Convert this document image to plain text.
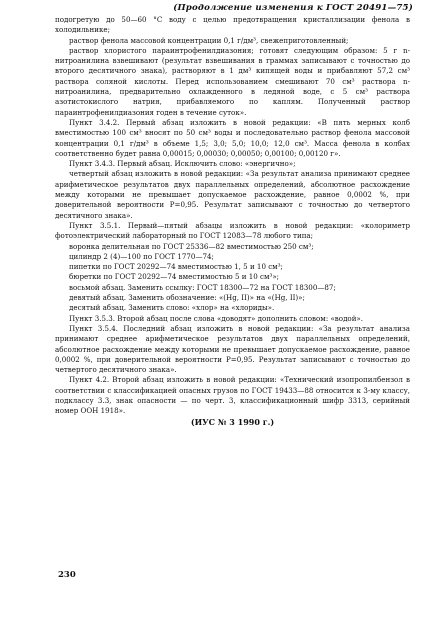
(Продолжение изменения к ГОСТ 20491—75)

подогретую до 50—60 °С воду с целью предотвращения кристаллизации фенола в холодильнике;

раствор фенола массовой концентрации 0,1 г/дм³, свежеприготовленный;

раствор хлористого параинтрофенилдиазония; готовят следующим образом: 5 г n-нитроанилина взвешивают (результат взвешивания в граммах записывают с точностью до второго десятичного знака), растворяют в 1 дм³ кипящей воды и прибавляют 57,2 см³ раствора соляной кислоты. Перед использованием смешивают 70 см³ раствора n-нитроанилина, предварительно охлажденного в ледяной воде, с 5 см³ раствора азотистокислого натрия, прибавляемого по каплям. Полученный раствор параинтрофенилдиазония годен в течение суток».

Пункт 3.4.2. Первый абзац изложить в новой редакции: «В пять мерных колб вместимостью 100 см³ вносят по 50 см³ воды и последовательно раствор фенола массовой концентрации 0,1 г/дм³ в объеме 1,5; 3,0; 5,0; 10,0; 12,0 см³. Масса фенола в колбах соответственно будет равна 0,00015; 0,00030; 0,00050; 0,00100; 0,00120 г».

Пункт 3.4.3. Первый абзац. Исключить слово: «энергично»;

четвертый абзац изложить в новой редакции: «За результат анализа принимают среднее арифметическое результатов двух параллельных определений, абсолютное расхождение между которыми не превышает допускаемое расхождение, равное 0,0002 %, при доверительной вероятности P=0,95. Результат записывают с точностью до четвертого десятичного знака».

Пункт 3.5.1. Первый—пятый абзацы изложить в новой редакции: «колориметр фотоэлектрический лабораторный по ГОСТ 12083—78 любого типа;

воронка делительная по ГОСТ 25336—82 вместимостью 250 см³;

цилиндр 2 (4)—100 по ГОСТ 1770—74;

пипетки по ГОСТ 20292—74 вместимостью 1, 5 и 10 см³;

бюретки по ГОСТ 20292—74 вместимостью 5 и 10 см³»;

восьмой абзац. Заменить ссылку: ГОСТ 18300—72 на ГОСТ 18300—87;

девятый абзац. Заменить обозначение: «(Hg, II)» на «(Hg, II)»;

десятый абзац. Заменить слово: «хлор» на «хлориды».

Пункт 3.5.3. Второй абзац после слова «доводят» дополнить словом: «водой».

Пункт 3.5.4. Последний абзац изложить в новой редакции: «За результат анализа принимают среднее арифметическое результатов двух параллельных определений, абсолютное расхождение между которыми не превышает допускаемое расхождение, равное 0,0002 %, при доверительной вероятности P=0,95. Результат записывают с точностью до четвертого десятичного знака».

Пункт 4.2. Второй абзац изложить в новой редакции: «Технический изопропилбензол в соответствии с классификацией опасных грузов по ГОСТ 19433—88 относится к 3-му классу, подклассу 3.3, знак опасности — по черт. 3, классификационный шифр 3313, серийный номер ООН 1918».

(ИУС № 3 1990 г.)

230
